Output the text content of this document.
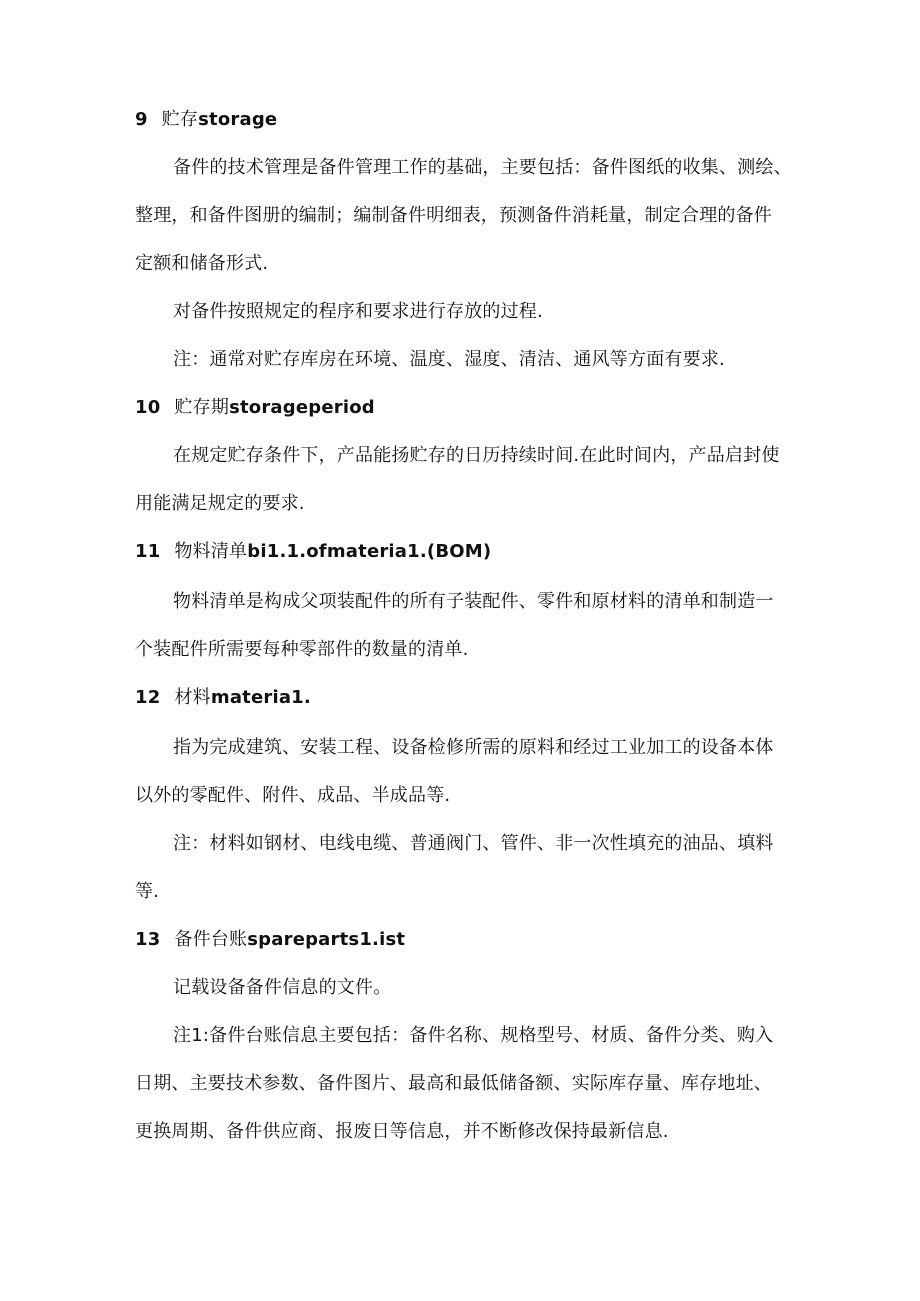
9 贮存storage
备件的技术管理是备件管理工作的基础，主要包括：备件图纸的收集、测绘、
整理，和备件图册的编制；编制备件明细表，预测备件消耗量，制定合理的备件
定额和储备形式.
对备件按照规定的程序和要求进行存放的过程.
注：通常对贮存库房在环境、温度、湿度、清洁、通风等方面有要求.
10 贮存期storageperiod
在规定贮存条件下，产品能扬贮存的日历持续时间.在此时间内，产品启封使
用能满足规定的要求.
11 物料清单bi1.1.ofmateria1.(BOM)
物料清单是构成父项装配件的所有子装配件、零件和原材料的清单和制造一
个装配件所需要每种零部件的数量的清单.
12 材料materia1.
指为完成建筑、安装工程、设备检修所需的原料和经过工业加工的设备本体
以外的零配件、附件、成品、半成品等.
注：材料如钢材、电线电缆、普通阀门、管件、非一次性填充的油品、填料
等.
13 备件台账spareparts1.ist
记载设备备件信息的文件。
注1:备件台账信息主要包括：备件名称、规格型号、材质、备件分类、购入
日期、主要技术参数、备件图片、最高和最低储备额、实际库存量、库存地址、
更换周期、备件供应商、报废日等信息，并不断修改保持最新信息.
